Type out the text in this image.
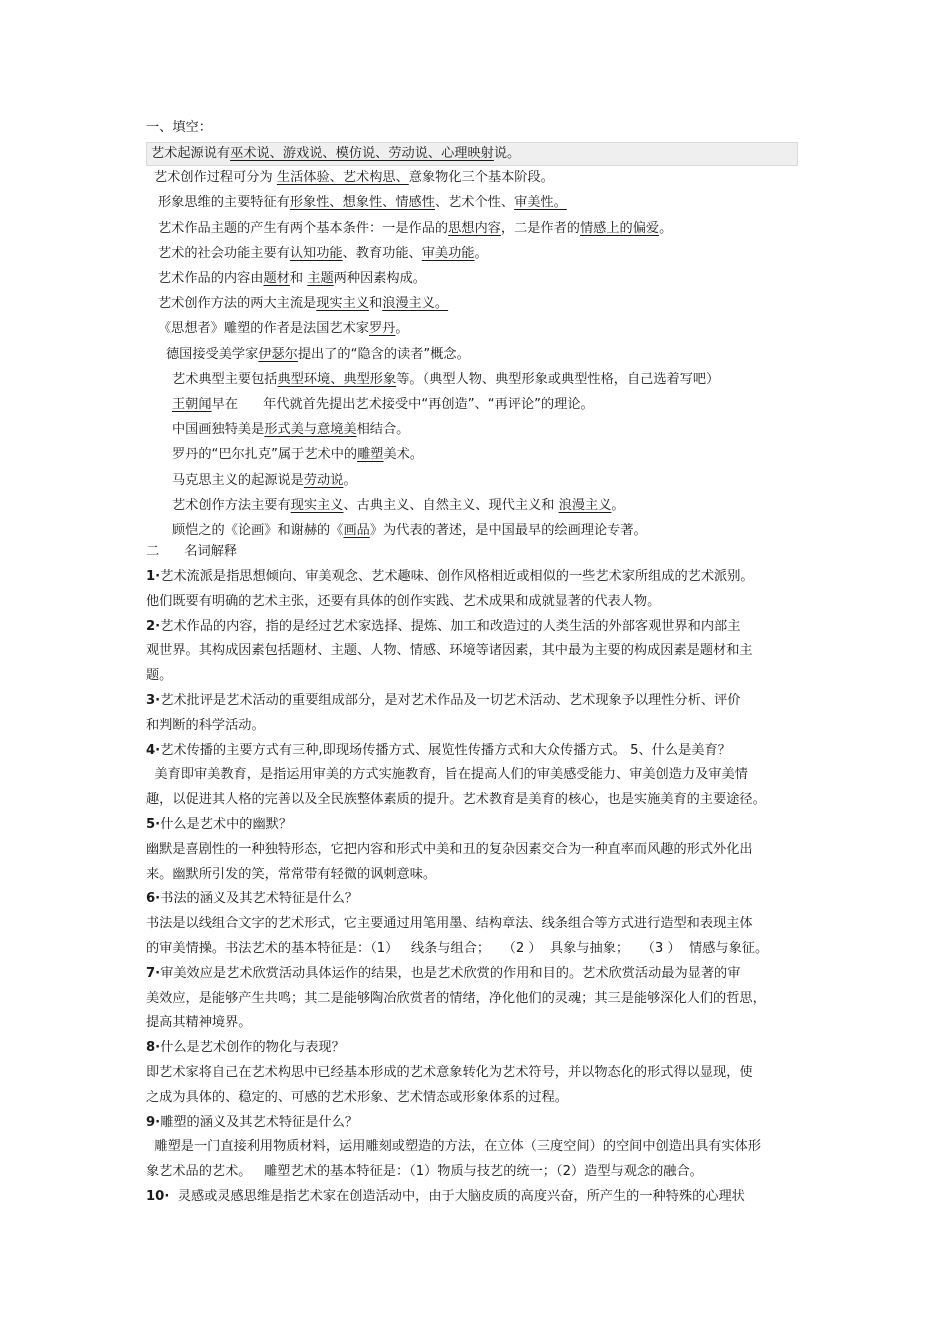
一、填空：
艺术起源说有巫术说、游戏说、模仿说、劳动说、心理映射说。
艺术创作过程可分为 生活体验、艺术构思、意象物化三个基本阶段。
形象思维的主要特征有形象性、想象性、情感性、艺术个性、审美性。
艺术作品主题的产生有两个基本条件：一是作品的思想内容，二是作者的情感上的偏爱。
艺术的社会功能主要有认知功能、教育功能、审美功能。
艺术作品的内容由题材和 主题两种因素构成。
艺术创作方法的两大主流是现实主义和浪漫主义。
《思想者》雕塑的作者是法国艺术家罗丹。
德国接受美学家伊瑟尔提出了的“隐含的读者”概念。
艺术典型主要包括典型环境、典型形象等。（典型人物、典型形象或典型性格，自己选着写吧）
王朝闻早在      年代就首先提出艺术接受中“再创造”、“再评论”的理论。
中国画独特美是形式美与意境美相结合。
罗丹的“巴尔扎克”属于艺术中的雕塑美术。
马克思主义的起源说是劳动说。
艺术创作方法主要有现实主义、古典主义、自然主义、现代主义和 浪漫主义。
顾恺之的《论画》和谢赫的《画品》为代表的著述，是中国最早的绘画理论专著。
二      名词解释
1·艺术流派是指思想倾向、审美观念、艺术趣味、创作风格相近或相似的一些艺术家所组成的艺术派别。
他们既要有明确的艺术主张，还要有具体的创作实践、艺术成果和成就显著的代表人物。
2·艺术作品的内容，指的是经过艺术家选择、提炼、加工和改造过的人类生活的外部客观世界和内部主
观世界。其构成因素包括题材、主题、人物、情感、环境等诸因素，其中最为主要的构成因素是题材和主
题。
3·艺术批评是艺术活动的重要组成部分，是对艺术作品及一切艺术活动、艺术现象予以理性分析、评价
和判断的科学活动。
4·艺术传播的主要方式有三种,即现场传播方式、展览性传播方式和大众传播方式。 5、什么是美育？
美育即审美教育，是指运用审美的方式实施教育，旨在提高人们的审美感受能力、审美创造力及审美情
趣，以促进其人格的完善以及全民族整体素质的提升。艺术教育是美育的核心，也是实施美育的主要途径。
5·什么是艺术中的幽默？
幽默是喜剧性的一种独特形态，它把内容和形式中美和丑的复杂因素交合为一种直率而风趣的形式外化出
来。幽默所引发的笑，常常带有轻微的讽刺意味。
6·书法的涵义及其艺术特征是什么？
书法是以线组合文字的艺术形式，它主要通过用笔用墨、结构章法、线条组合等方式进行造型和表现主体
的审美情操。书法艺术的基本特征是：（1）   线条与组合；   （2 ）  具象与抽象；   （3 ）  情感与象征。
7·审美效应是艺术欣赏活动具体运作的结果，也是艺术欣赏的作用和目的。艺术欣赏活动最为显著的审
美效应，是能够产生共鸣；其二是能够陶冶欣赏者的情绪，净化他们的灵魂；其三是能够深化人们的哲思，
提高其精神境界。
8·什么是艺术创作的物化与表现？
即艺术家将自己在艺术构思中已经基本形成的艺术意象转化为艺术符号，并以物态化的形式得以显现，使
之成为具体的、稳定的、可感的艺术形象、艺术情态或形象体系的过程。
9·雕塑的涵义及其艺术特征是什么？
雕塑是一门直接利用物质材料，运用雕刻或塑造的方法，在立体（三度空间）的空间中创造出具有实体形
象艺术品的艺术。   雕塑艺术的基本特征是：（1）物质与技艺的统一；（2）造型与观念的融合。
10·  灵感或灵感思维是指艺术家在创造活动中，由于大脑皮质的高度兴奋，所产生的一种特殊的心理状
